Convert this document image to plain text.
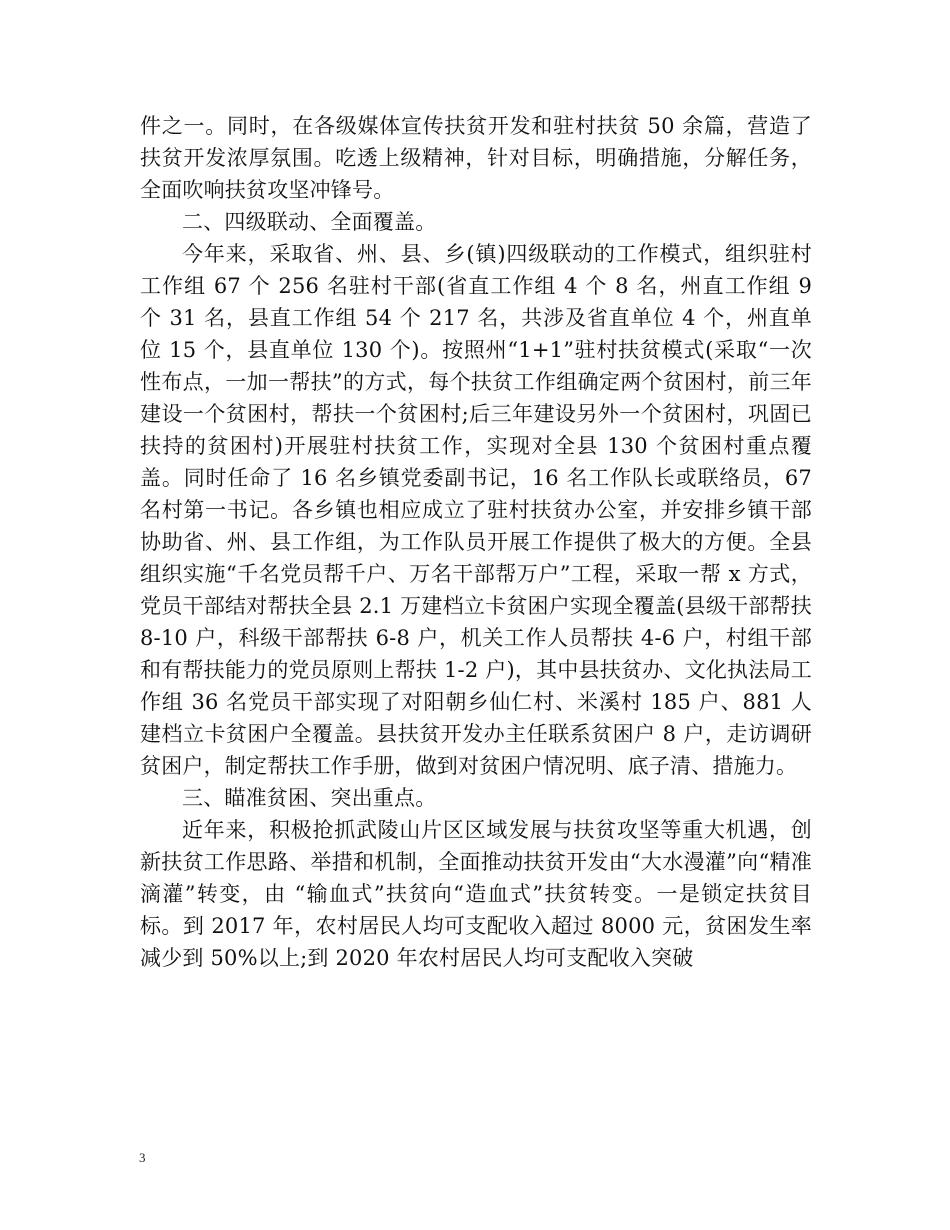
件之一。同时，在各级媒体宣传扶贫开发和驻村扶贫 50 余篇，营造了扶贫开发浓厚氛围。吃透上级精神，针对目标，明确措施，分解任务，全面吹响扶贫攻坚冲锋号。

二、四级联动、全面覆盖。

今年来，采取省、州、县、乡(镇)四级联动的工作模式，组织驻村工作组 67 个 256 名驻村干部(省直工作组 4 个 8 名，州直工作组 9 个 31 名，县直工作组 54 个 217 名，共涉及省直单位 4 个，州直单位 15 个，县直单位 130 个)。按照州“1+1”驻村扶贫模式(采取“一次性布点，一加一帮扶”的方式，每个扶贫工作组确定两个贫困村，前三年建设一个贫困村，帮扶一个贫困村;后三年建设另外一个贫困村，巩固已扶持的贫困村)开展驻村扶贫工作，实现对全县 130 个贫困村重点覆盖。同时任命了 16 名乡镇党委副书记，16 名工作队长或联络员，67 名村第一书记。各乡镇也相应成立了驻村扶贫办公室，并安排乡镇干部协助省、州、县工作组，为工作队员开展工作提供了极大的方便。全县组织实施“千名党员帮千户、万名干部帮万户”工程，采取一帮 x 方式，党员干部结对帮扶全县 2.1 万建档立卡贫困户实现全覆盖(县级干部帮扶 8-10 户，科级干部帮扶 6-8 户，机关工作人员帮扶 4-6 户，村组干部和有帮扶能力的党员原则上帮扶 1-2 户)，其中县扶贫办、文化执法局工作组 36 名党员干部实现了对阳朝乡仙仁村、米溪村 185 户、881 人建档立卡贫困户全覆盖。县扶贫开发办主任联系贫困户 8 户，走访调研贫困户，制定帮扶工作手册，做到对贫困户情况明、底子清、措施力。

三、瞄准贫困、突出重点。

近年来，积极抢抓武陵山片区区域发展与扶贫攻坚等重大机遇，创新扶贫工作思路、举措和机制，全面推动扶贫开发由“大水漫灌”向“精准滴灌”转变，由 “输血式”扶贫向“造血式”扶贫转变。一是锁定扶贫目标。到 2017 年，农村居民人均可支配收入超过 8000 元，贫困发生率减少到 50%以上;到 2020 年农村居民人均可支配收入突破

3
